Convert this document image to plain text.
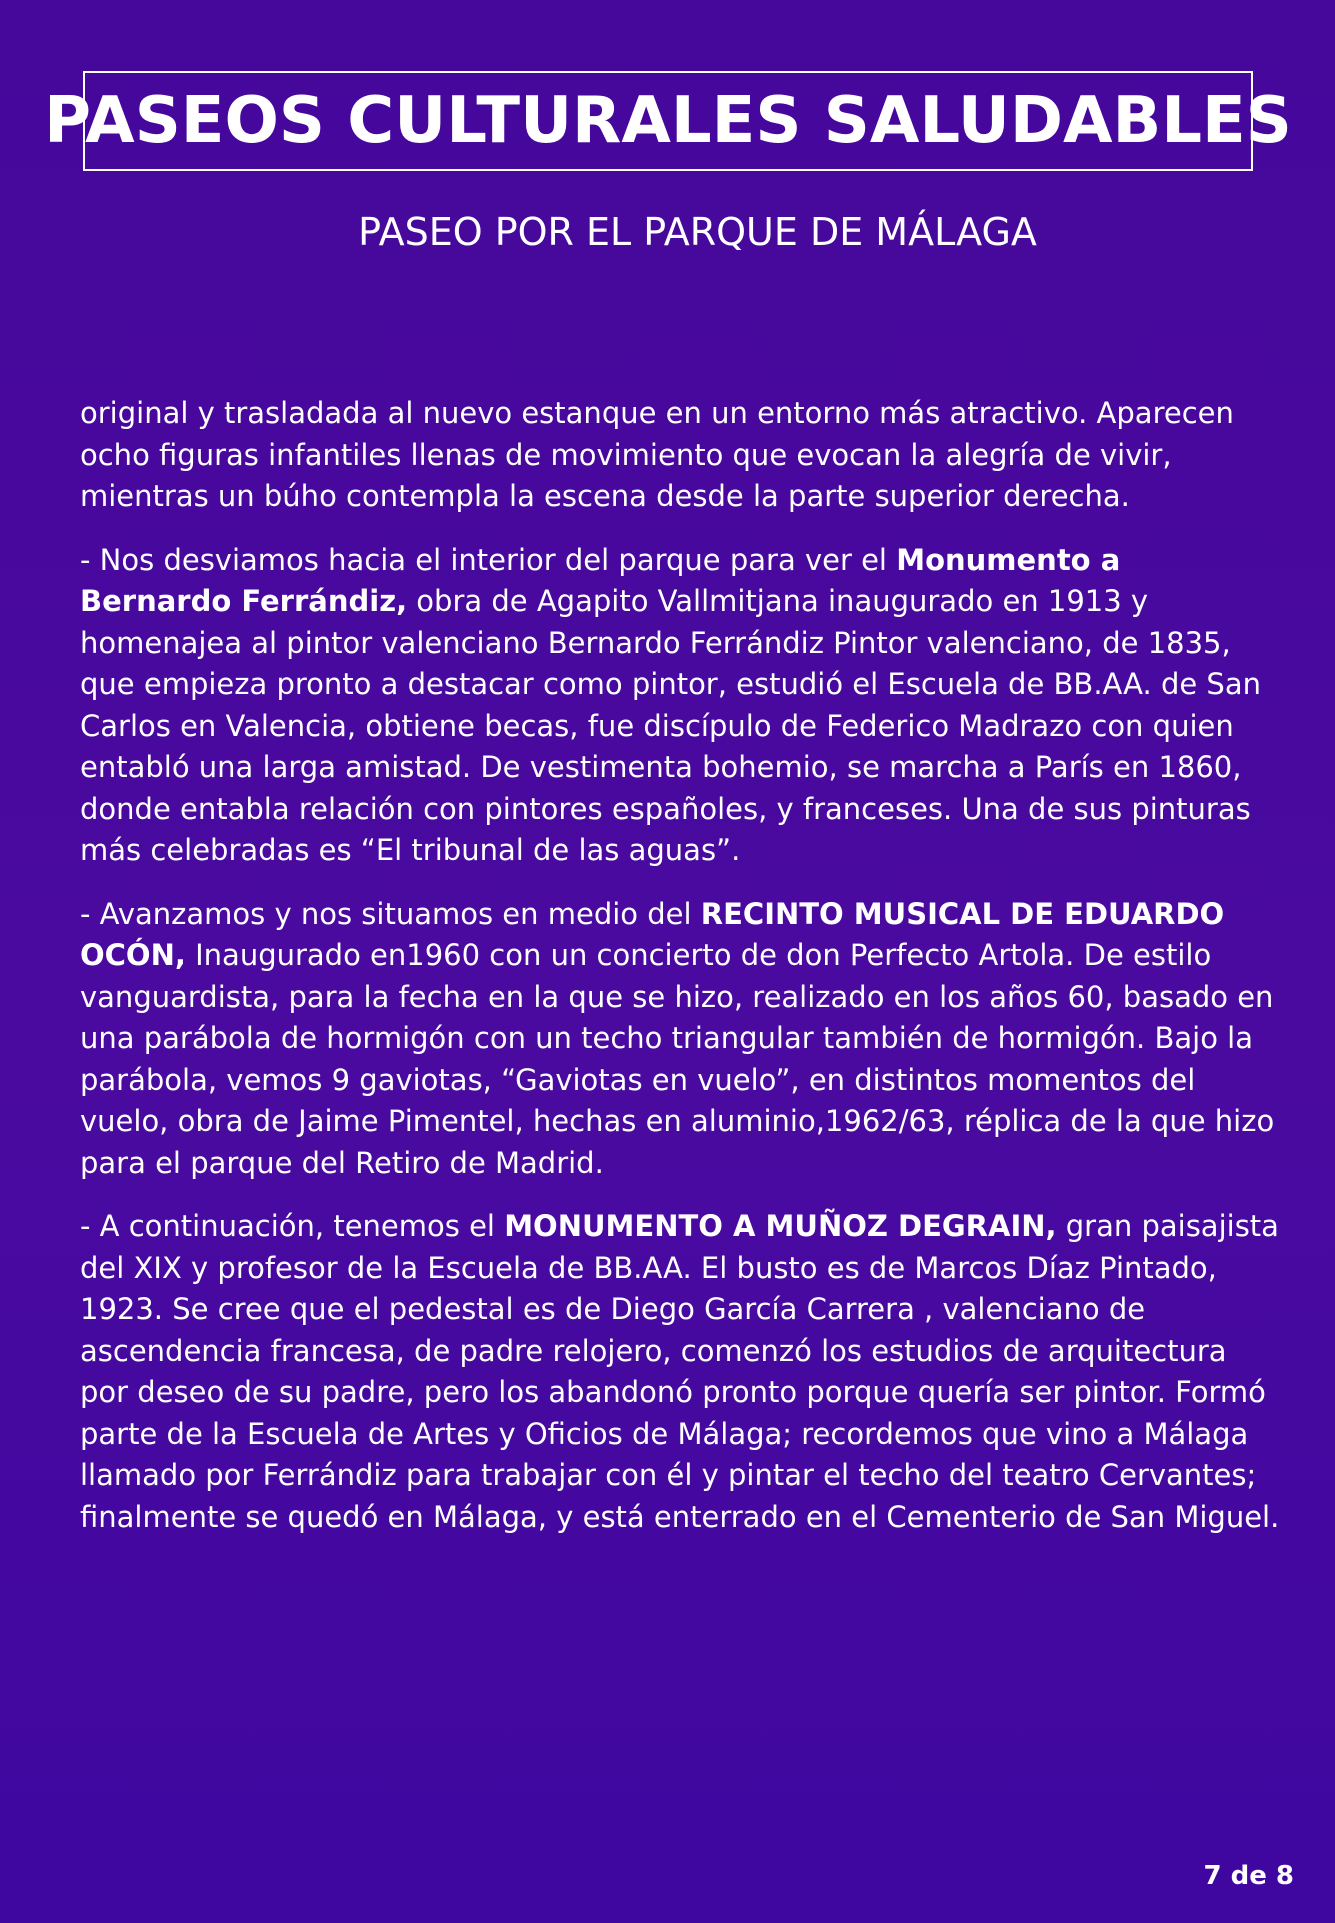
PASEOS CULTURALES SALUDABLES
PASEO POR EL PARQUE DE MÁLAGA

original y trasladada al nuevo estanque en un entorno más atractivo. Aparecen ocho figuras infantiles llenas de movimiento que evocan la alegría de vivir, mientras un búho contempla la escena desde la parte superior derecha.

- Nos desviamos hacia el interior del parque para ver el Monumento a Bernardo Ferrándiz, obra de Agapito Vallmitjana inaugurado en 1913 y homenajea al pintor valenciano Bernardo Ferrándiz Pintor valenciano, de 1835, que empieza pronto a destacar como pintor, estudió el Escuela de BB.AA. de San Carlos en Valencia, obtiene becas, fue discípulo de Federico Madrazo con quien entabló una larga amistad. De vestimenta bohemio, se marcha a París en 1860, donde entabla relación con pintores españoles, y franceses. Una de sus pinturas más celebradas es “El tribunal de las aguas”.

- Avanzamos y nos situamos en medio del RECINTO MUSICAL DE EDUARDO OCÓN, Inaugurado en1960 con un concierto de don Perfecto Artola. De estilo vanguardista, para la fecha en la que se hizo, realizado en los años 60, basado en una parábola de hormigón con un techo triangular también de hormigón. Bajo la parábola, vemos 9 gaviotas, “Gaviotas en vuelo”, en distintos momentos del vuelo, obra de Jaime Pimentel, hechas en aluminio,1962/63, réplica de la que hizo para el parque del Retiro de Madrid.

- A continuación, tenemos el MONUMENTO A MUÑOZ DEGRAIN, gran paisajista del XIX y profesor de la Escuela de BB.AA. El busto es de Marcos Díaz Pintado, 1923. Se cree que el pedestal es de Diego García Carrera , valenciano de ascendencia francesa, de padre relojero, comenzó los estudios de arquitectura por deseo de su padre, pero los abandonó pronto porque quería ser pintor. Formó parte de la Escuela de Artes y Oficios de Málaga; recordemos que vino a Málaga llamado por Ferrándiz para trabajar con él y pintar el techo del teatro Cervantes; finalmente se quedó en Málaga, y está enterrado en el Cementerio de San Miguel.

7 de 8
